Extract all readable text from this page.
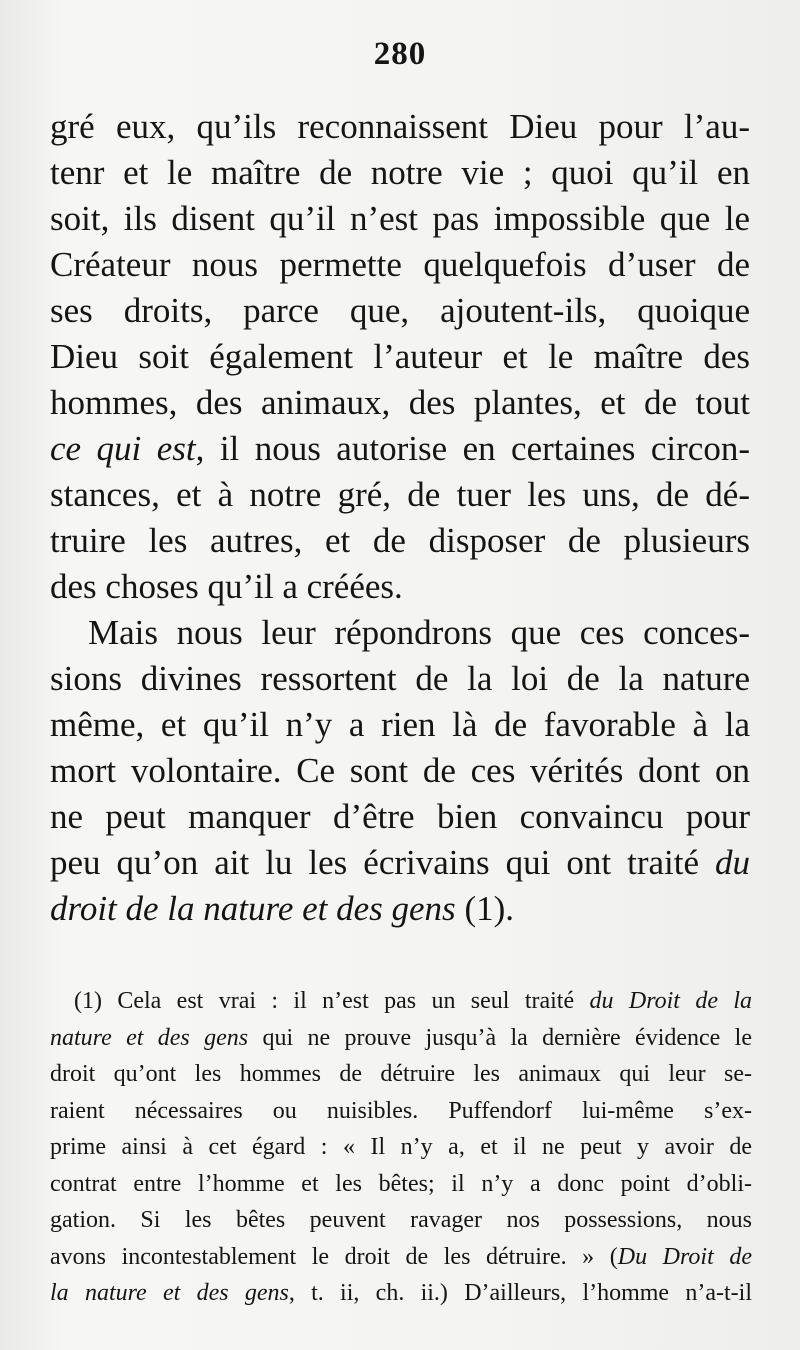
280
gré eux, qu’ils reconnaissent Dieu pour l’au-
tenr et le maître de notre vie ; quoi qu’il en
soit, ils disent qu’il n’est pas impossible que le
Créateur nous permette quelquefois d’user de
ses droits, parce que, ajoutent-ils, quoique
Dieu soit également l’auteur et le maître des
hommes, des animaux, des plantes, et de tout
ce qui est, il nous autorise en certaines circon-
stances, et à notre gré, de tuer les uns, de dé-
truire les autres, et de disposer de plusieurs
des choses qu’il a créées.
Mais nous leur répondrons que ces conces-
sions divines ressortent de la loi de la nature
même, et qu’il n’y a rien là de favorable à la
mort volontaire. Ce sont de ces vérités dont on
ne peut manquer d’être bien convaincu pour
peu qu’on ait lu les écrivains qui ont traité du
droit de la nature et des gens (1).
(1) Cela est vrai : il n’est pas un seul traité du Droit de la
nature et des gens qui ne prouve jusqu’à la dernière évidence le
droit qu’ont les hommes de détruire les animaux qui leur se-
raient nécessaires ou nuisibles. Puffendorf lui-même s’ex-
prime ainsi à cet égard : « Il n’y a, et il ne peut y avoir de
contrat entre l’homme et les bêtes; il n’y a donc point d’obli-
gation. Si les bêtes peuvent ravager nos possessions, nous
avons incontestablement le droit de les détruire. » (Du Droit de
la nature et des gens, t. ii, ch. ii.) D’ailleurs, l’homme n’a-t-il
